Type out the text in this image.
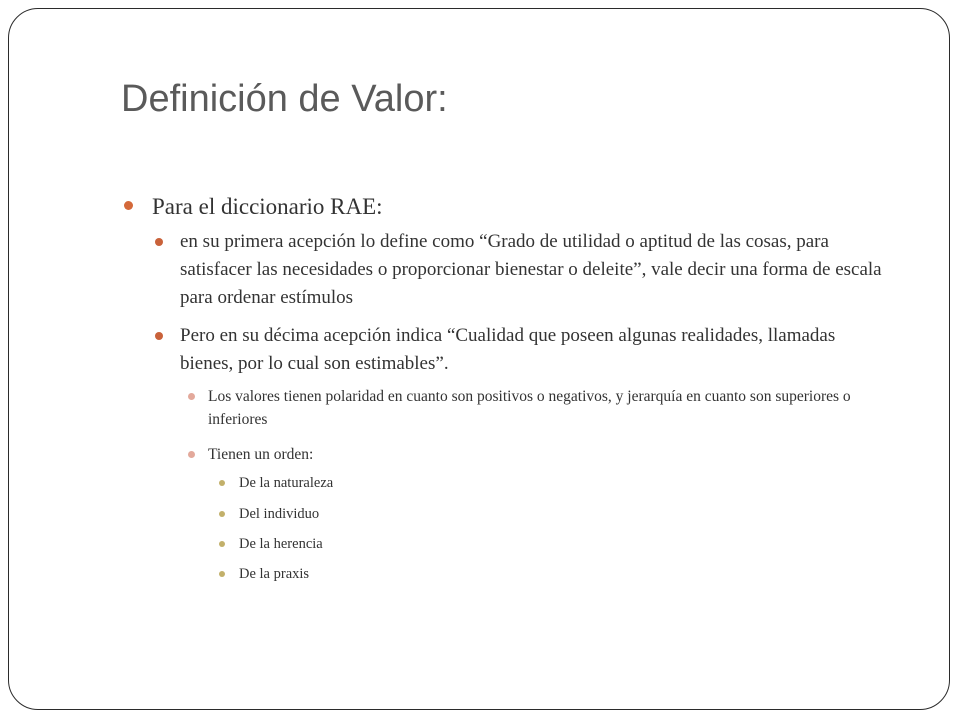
Definición de Valor:
Para el diccionario RAE:
en su primera acepción lo define como “Grado de utilidad o aptitud de las cosas, para satisfacer las necesidades o proporcionar bienestar o deleite”, vale decir una forma de escala para ordenar estímulos
Pero en su décima acepción indica “Cualidad que poseen algunas realidades, llamadas bienes, por lo cual son estimables”.
Los valores tienen polaridad en cuanto son positivos o negativos, y jerarquía en cuanto son superiores o inferiores
Tienen un orden:
De la naturaleza
Del individuo
De la herencia
De la praxis
